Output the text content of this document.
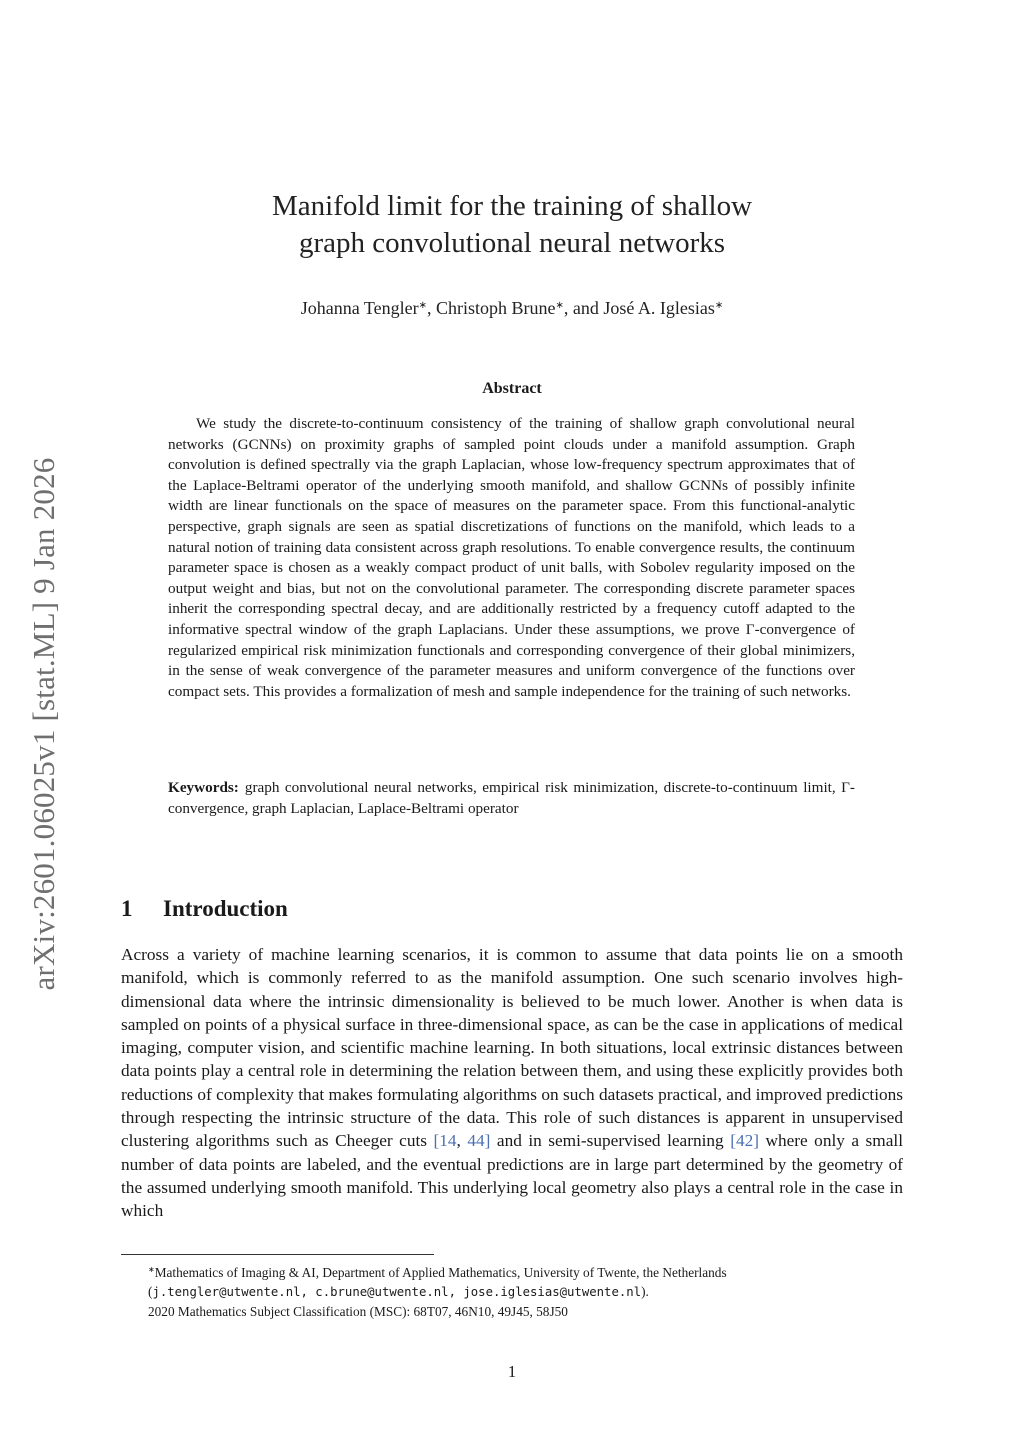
arXiv:2601.06025v1 [stat.ML] 9 Jan 2026
Manifold limit for the training of shallow
graph convolutional neural networks
Johanna Tengler∗, Christoph Brune∗, and José A. Iglesias∗
Abstract
We study the discrete-to-continuum consistency of the training of shallow graph convolutional neural networks (GCNNs) on proximity graphs of sampled point clouds under a manifold assumption. Graph convolution is defined spectrally via the graph Laplacian, whose low-frequency spectrum approximates that of the Laplace-Beltrami operator of the underlying smooth manifold, and shallow GCNNs of possibly infinite width are linear functionals on the space of measures on the parameter space. From this functional-analytic perspective, graph signals are seen as spatial discretizations of functions on the manifold, which leads to a natural notion of training data consistent across graph resolutions. To enable convergence results, the continuum parameter space is chosen as a weakly compact product of unit balls, with Sobolev regularity imposed on the output weight and bias, but not on the convolutional parameter. The corresponding discrete parameter spaces inherit the corresponding spectral decay, and are additionally restricted by a frequency cutoff adapted to the informative spectral window of the graph Laplacians. Under these assumptions, we prove Γ-convergence of regularized empirical risk minimization functionals and corresponding convergence of their global minimizers, in the sense of weak convergence of the parameter measures and uniform convergence of the functions over compact sets. This provides a formalization of mesh and sample independence for the training of such networks.
Keywords: graph convolutional neural networks, empirical risk minimization, discrete-to-continuum limit, Γ-convergence, graph Laplacian, Laplace-Beltrami operator
1 Introduction
Across a variety of machine learning scenarios, it is common to assume that data points lie on a smooth manifold, which is commonly referred to as the manifold assumption. One such scenario involves high-dimensional data where the intrinsic dimensionality is believed to be much lower. Another is when data is sampled on points of a physical surface in three-dimensional space, as can be the case in applications of medical imaging, computer vision, and scientific machine learning. In both situations, local extrinsic distances between data points play a central role in determining the relation between them, and using these explicitly provides both reductions of complexity that makes formulating algorithms on such datasets practical, and improved predictions through respecting the intrinsic structure of the data. This role of such distances is apparent in unsupervised clustering algorithms such as Cheeger cuts [14, 44] and in semi-supervised learning [42] where only a small number of data points are labeled, and the eventual predictions are in large part determined by the geometry of the assumed underlying smooth manifold. This underlying local geometry also plays a central role in the case in which
∗Mathematics of Imaging & AI, Department of Applied Mathematics, University of Twente, the Netherlands
(j.tengler@utwente.nl, c.brune@utwente.nl, jose.iglesias@utwente.nl).
2020 Mathematics Subject Classification (MSC): 68T07, 46N10, 49J45, 58J50
1
